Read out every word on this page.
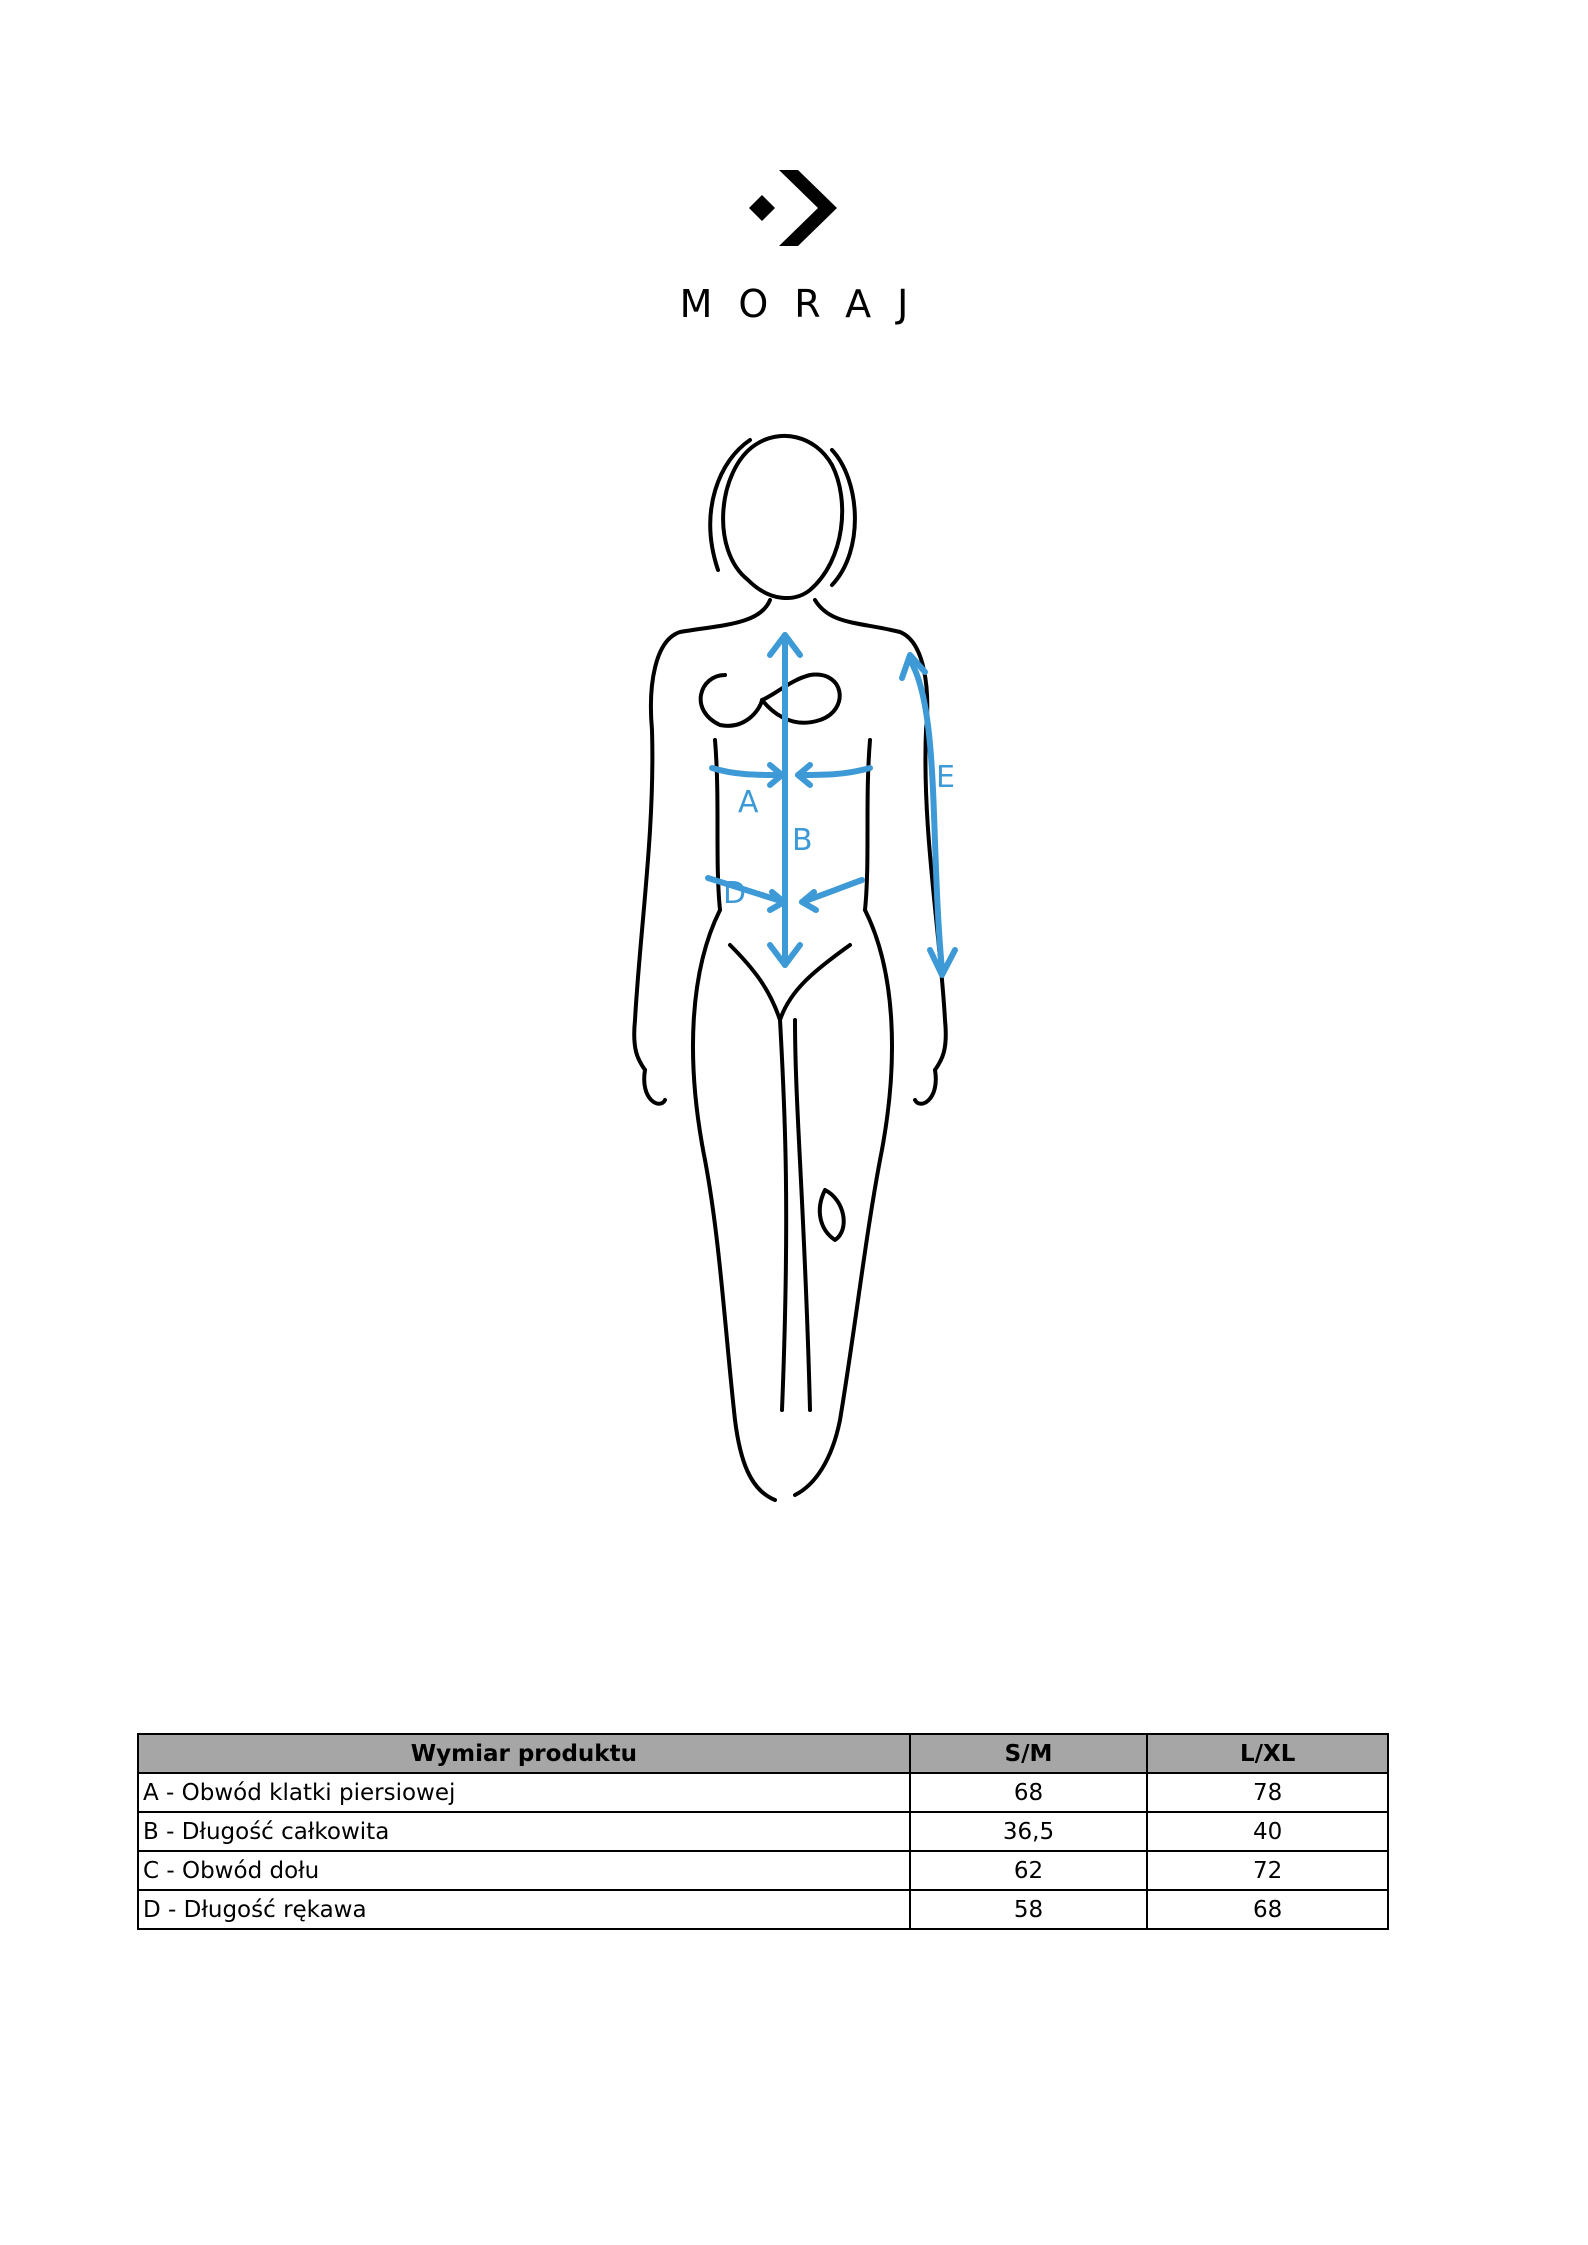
MORAJ
A
B
D
E
Wymiar produktu	S/M	L/XL
A - Obwód klatki piersiowej	68	78
B - Długość całkowita	36,5	40
C - Obwód dołu	62	72
D - Długość rękawa	58	68
